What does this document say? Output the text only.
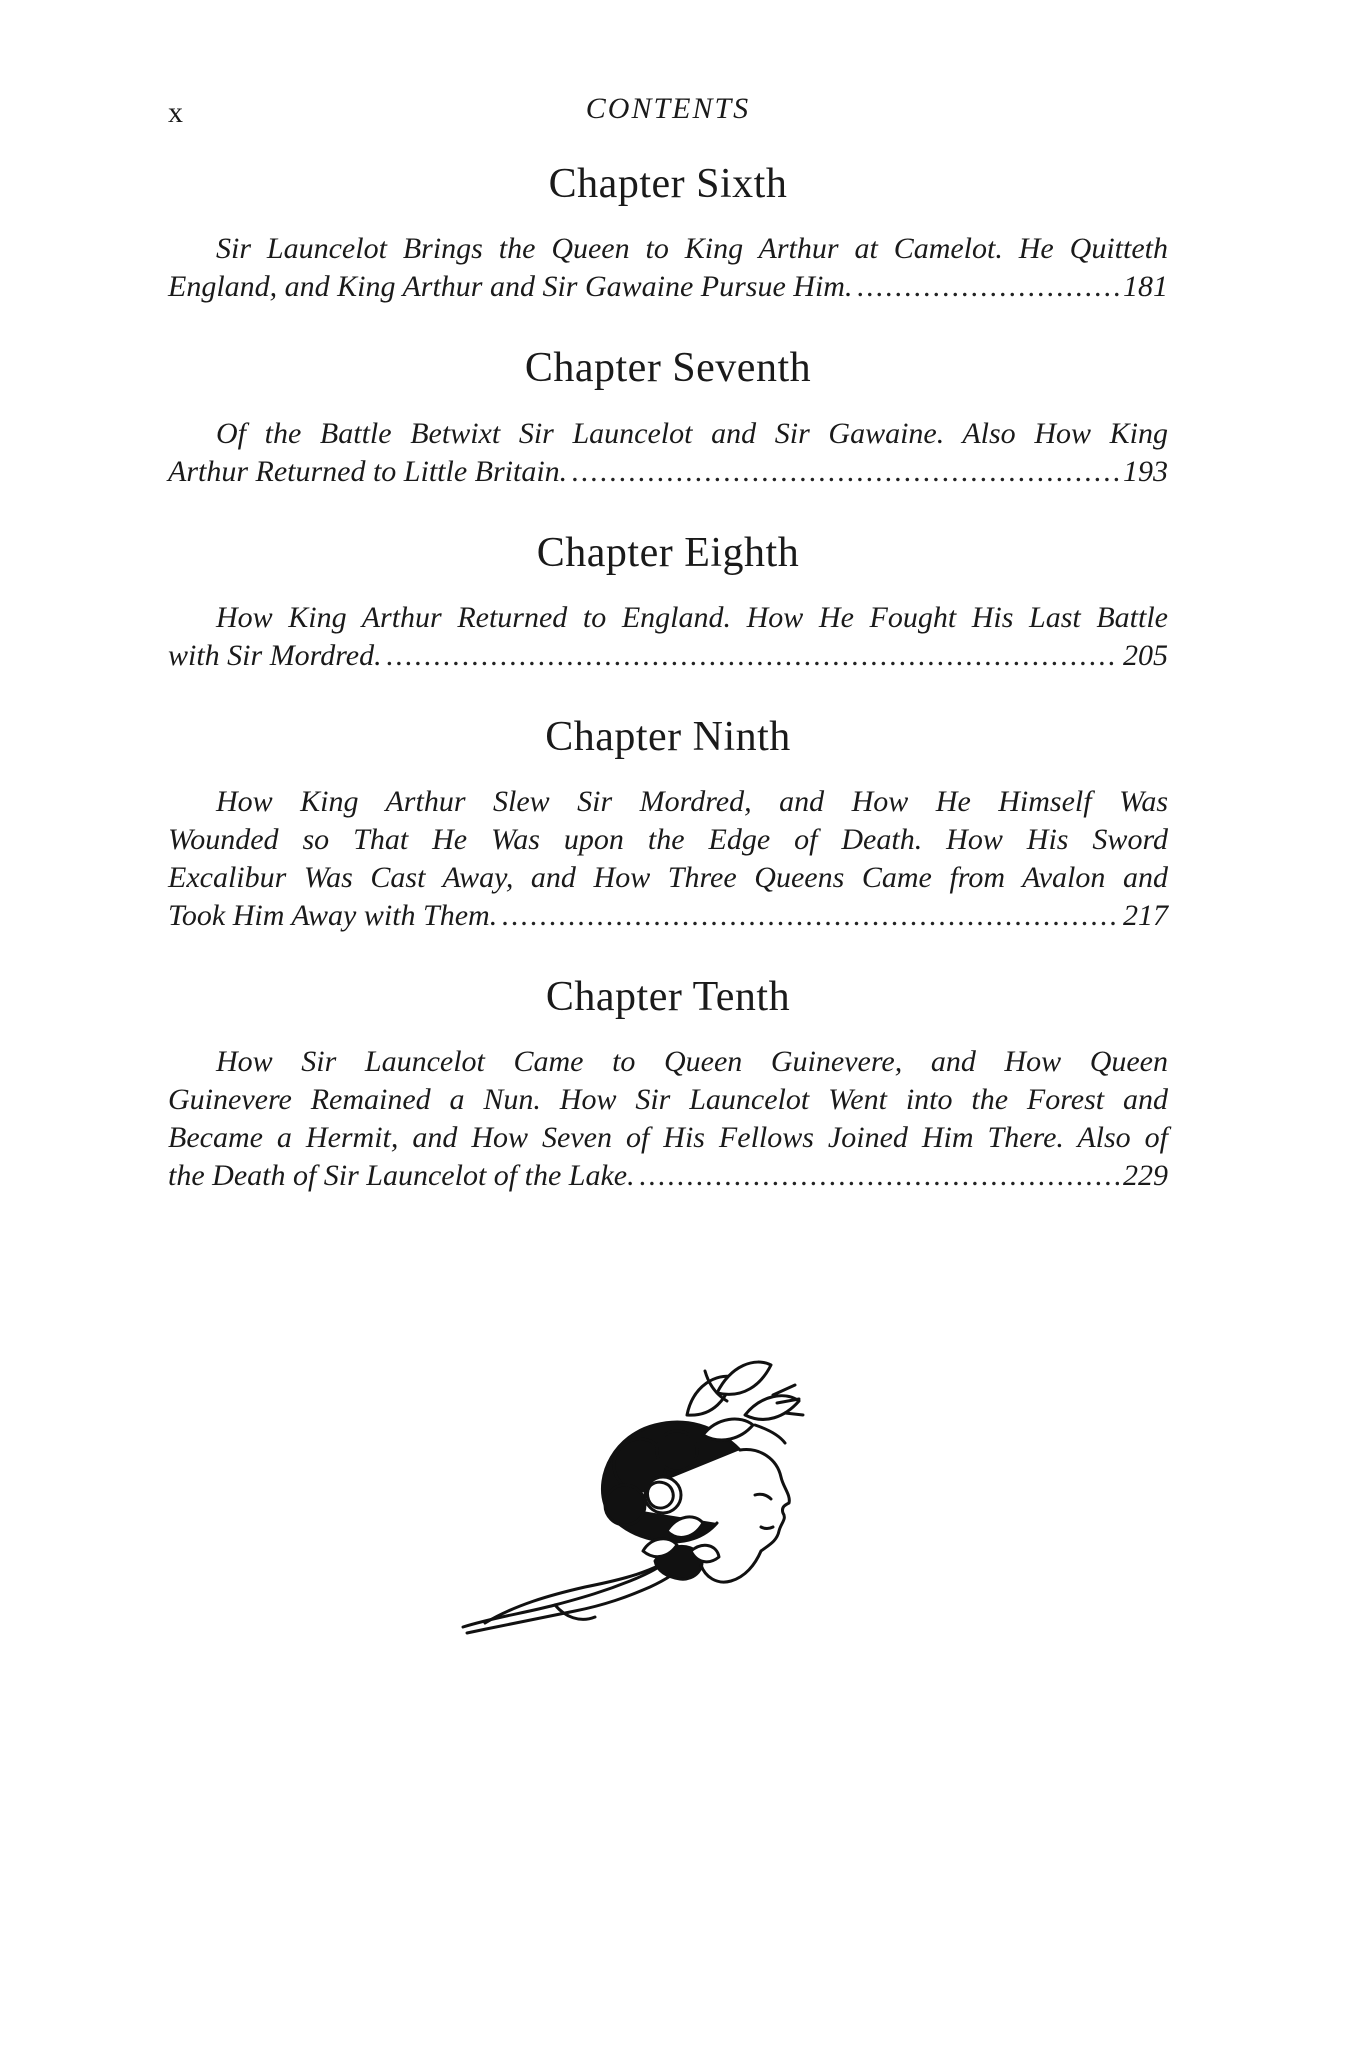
x	CONTENTS
Chapter Sixth
Sir Launcelot Brings the Queen to King Arthur at Camelot. He Quitteth
England, and King Arthur and Sir Gawaine Pursue Him. .....	181
Chapter Seventh
Of the Battle Betwixt Sir Launcelot and Sir Gawaine. Also How King
Arthur Returned to Little Britain. .....	193
Chapter Eighth
How King Arthur Returned to England. How He Fought His Last Battle
with Sir Mordred. .....	205
Chapter Ninth
How King Arthur Slew Sir Mordred, and How He Himself Was
Wounded so That He Was upon the Edge of Death. How His Sword
Excalibur Was Cast Away, and How Three Queens Came from Avalon and
Took Him Away with Them. .....	217
Chapter Tenth
How Sir Launcelot Came to Queen Guinevere, and How Queen
Guinevere Remained a Nun. How Sir Launcelot Went into the Forest and
Became a Hermit, and How Seven of His Fellows Joined Him There. Also of
the Death of Sir Launcelot of the Lake. .....	229
